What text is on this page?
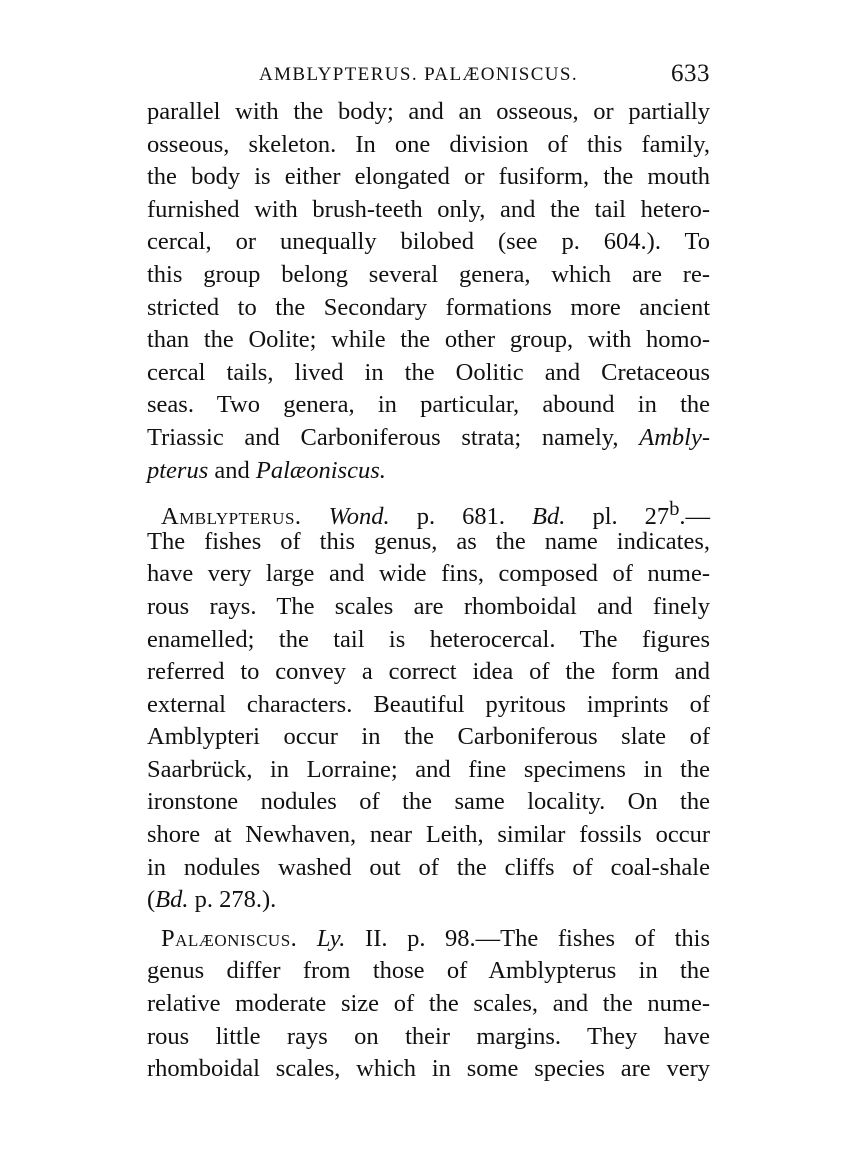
AMBLYPTERUS. PALÆONISCUS.	633
parallel with the body; and an osseous, or partially
osseous, skeleton. In one division of this family,
the body is either elongated or fusiform, the mouth
furnished with brush-teeth only, and the tail hetero-
cercal, or unequally bilobed (see p. 604.). To
this group belong several genera, which are re-
stricted to the Secondary formations more ancient
than the Oolite; while the other group, with homo-
cercal tails, lived in the Oolitic and Cretaceous
seas. Two genera, in particular, abound in the
Triassic and Carboniferous strata; namely, Ambly-
pterus and Palæoniscus.
Amblypterus. Wond. p. 681. Bd. pl. 27$^b$.—
The fishes of this genus, as the name indicates,
have very large and wide fins, composed of nume-
rous rays. The scales are rhomboidal and finely
enamelled; the tail is heterocercal. The figures
referred to convey a correct idea of the form and
external characters. Beautiful pyritous imprints of
Amblypteri occur in the Carboniferous slate of
Saarbrück, in Lorraine; and fine specimens in the
ironstone nodules of the same locality. On the
shore at Newhaven, near Leith, similar fossils occur
in nodules washed out of the cliffs of coal-shale
(Bd. p. 278.).
Palæoniscus. Ly. II. p. 98.—The fishes of this
genus differ from those of Amblypterus in the
relative moderate size of the scales, and the nume-
rous little rays on their margins. They have
rhomboidal scales, which in some species are very
